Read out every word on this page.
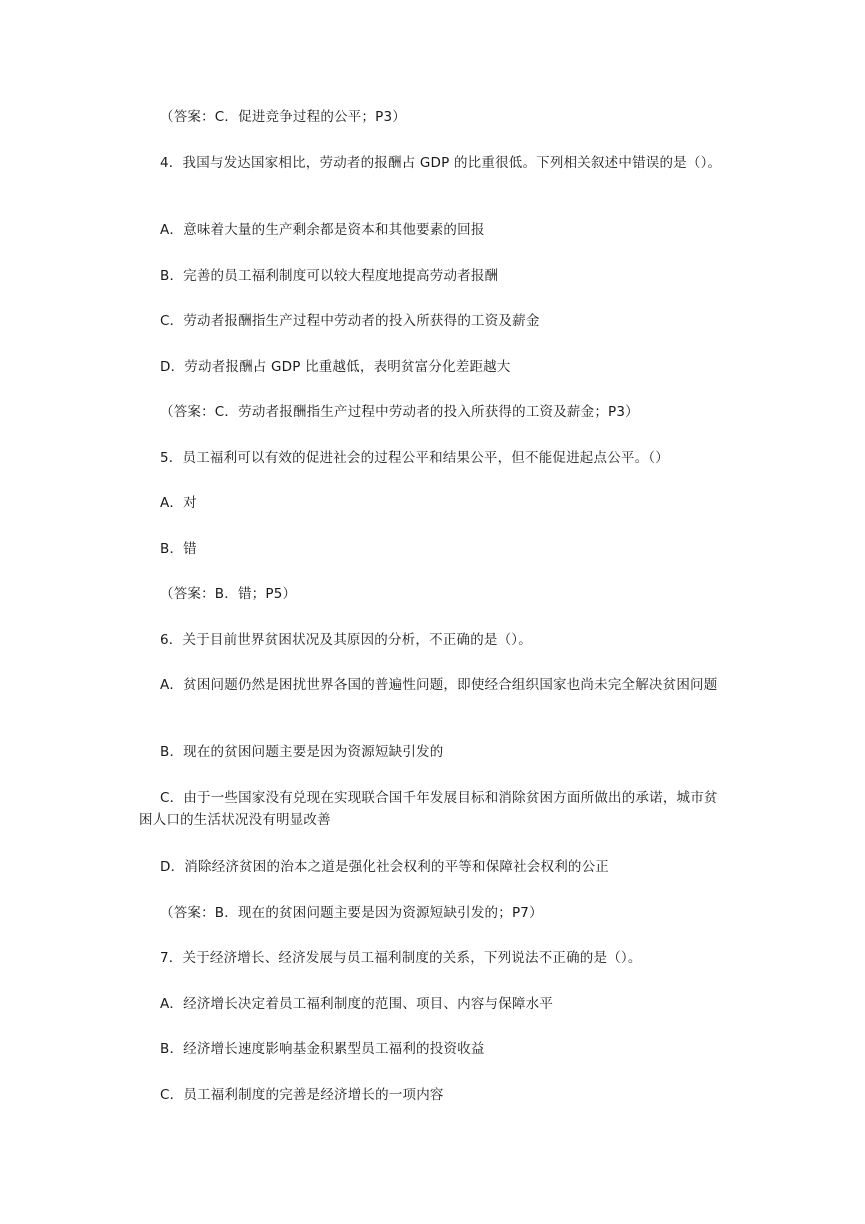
（答案：C．促进竞争过程的公平；P3）
4．我国与发达国家相比，劳动者的报酬占 GDP 的比重很低。下列相关叙述中错误的是（）。
A．意味着大量的生产剩余都是资本和其他要素的回报
B．完善的员工福利制度可以较大程度地提高劳动者报酬
C．劳动者报酬指生产过程中劳动者的投入所获得的工资及薪金
D．劳动者报酬占 GDP 比重越低，表明贫富分化差距越大
（答案：C．劳动者报酬指生产过程中劳动者的投入所获得的工资及薪金；P3）
5．员工福利可以有效的促进社会的过程公平和结果公平，但不能促进起点公平。（）
A．对
B．错
（答案：B．错；P5）
6．关于目前世界贫困状况及其原因的分析，不正确的是（）。
A．贫困问题仍然是困扰世界各国的普遍性问题，即使经合组织国家也尚未完全解决贫困问题
B．现在的贫困问题主要是因为资源短缺引发的
C．由于一些国家没有兑现在实现联合国千年发展目标和消除贫困方面所做出的承诺，城市贫困人口的生活状况没有明显改善
D．消除经济贫困的治本之道是强化社会权利的平等和保障社会权利的公正
（答案：B．现在的贫困问题主要是因为资源短缺引发的；P7）
7．关于经济增长、经济发展与员工福利制度的关系，下列说法不正确的是（）。
A．经济增长决定着员工福利制度的范围、项目、内容与保障水平
B．经济增长速度影响基金积累型员工福利的投资收益
C．员工福利制度的完善是经济增长的一项内容
